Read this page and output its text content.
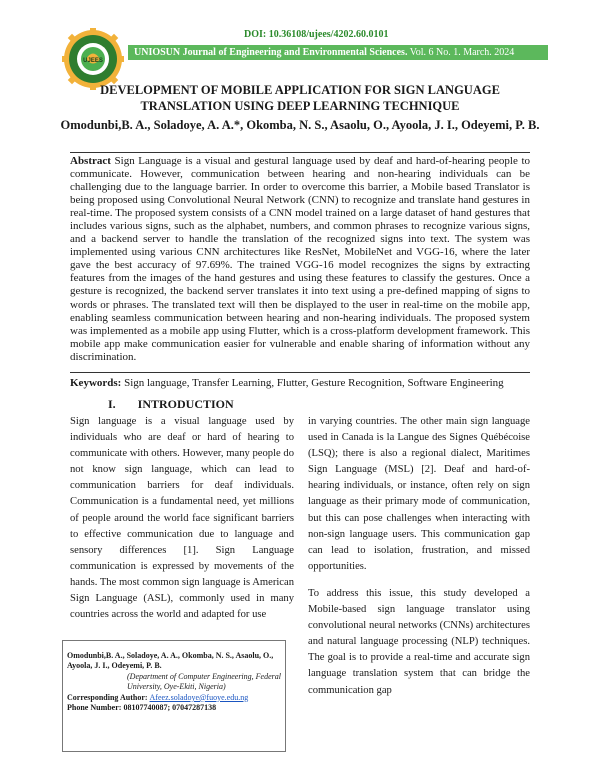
UJEES
DOI: 10.36108/ujees/4202.60.0101
UNIOSUN Journal of Engineering and Environmental Sciences. Vol. 6 No. 1. March. 2024
DEVELOPMENT OF MOBILE APPLICATION FOR SIGN LANGUAGE TRANSLATION USING DEEP LEARNING TECHNIQUE
Omodunbi,B. A., Soladoye, A. A.*, Okomba, N. S., Asaolu, O., Ayoola, J. I., Odeyemi, P. B.
Abstract Sign Language is a visual and gestural language used by deaf and hard-of-hearing people to communicate. However, communication between hearing and non-hearing individuals can be challenging due to the language barrier. In order to overcome this barrier, a Mobile based Translator is being proposed using Convolutional Neural Network (CNN) to recognize and translate hand gestures in real-time. The proposed system consists of a CNN model trained on a large dataset of hand gestures that includes various signs, such as the alphabet, numbers, and common phrases to recognize various signs, and a backend server to handle the translation of the recognized signs into text. The system was implemented using various CNN architectures like ResNet, MobileNet and VGG-16, where the later gave the best accuracy of 97.69%. The trained VGG-16 model recognizes the signs by extracting features from the images of the hand gestures and using these features to classify the gestures. Once a gesture is recognized, the backend server translates it into text using a pre-defined mapping of signs to words or phrases. The translated text will then be displayed to the user in real-time on the mobile app, enabling seamless communication between hearing and non-hearing individuals. The proposed system was implemented as a mobile app using Flutter, which is a cross-platform development framework. This mobile app make communication easier for vulnerable and enable sharing of information without any discrimination.
Keywords: Sign language, Transfer Learning, Flutter, Gesture Recognition, Software Engineering
I. INTRODUCTION

Sign language is a visual language used by individuals who are deaf or hard of hearing to communicate with others. However, many people do not know sign language, which can lead to communication barriers for deaf individuals. Communication is a fundamental need, yet millions of people around the world face significant barriers to effective communication due to language and sensory differences [1]. Sign Language communication is expressed by movements of the hands. The most common sign language is American Sign Language (ASL), commonly used in many countries across the world and adapted for use

in varying countries. The other main sign language used in Canada is la Langue des Signes Québécoise (LSQ); there is also a regional dialect, Maritimes Sign Language (MSL) [2]. Deaf and hard-of-hearing individuals, or instance, often rely on sign language as their primary mode of communication, but this can pose challenges when interacting with non-sign language users. This communication gap can lead to isolation, frustration, and missed opportunities.

To address this issue, this study developed a Mobile-based sign language translator using convolutional neural networks (CNNs) architectures and natural language processing (NLP) techniques. The goal is to provide a real-time and accurate sign language translation system that can bridge the communication gap

Omodunbi,B. A., Soladoye, A. A., Okomba, N. S., Asaolu, O., Ayoola, J. I., Odeyemi, P. B.
(Department of Computer Engineering, Federal University, Oye-Ekiti, Nigeria)
Corresponding Author: Afeez.soladoye@fuoye.edu.ng
Phone Number: 08107740087; 07047287138
